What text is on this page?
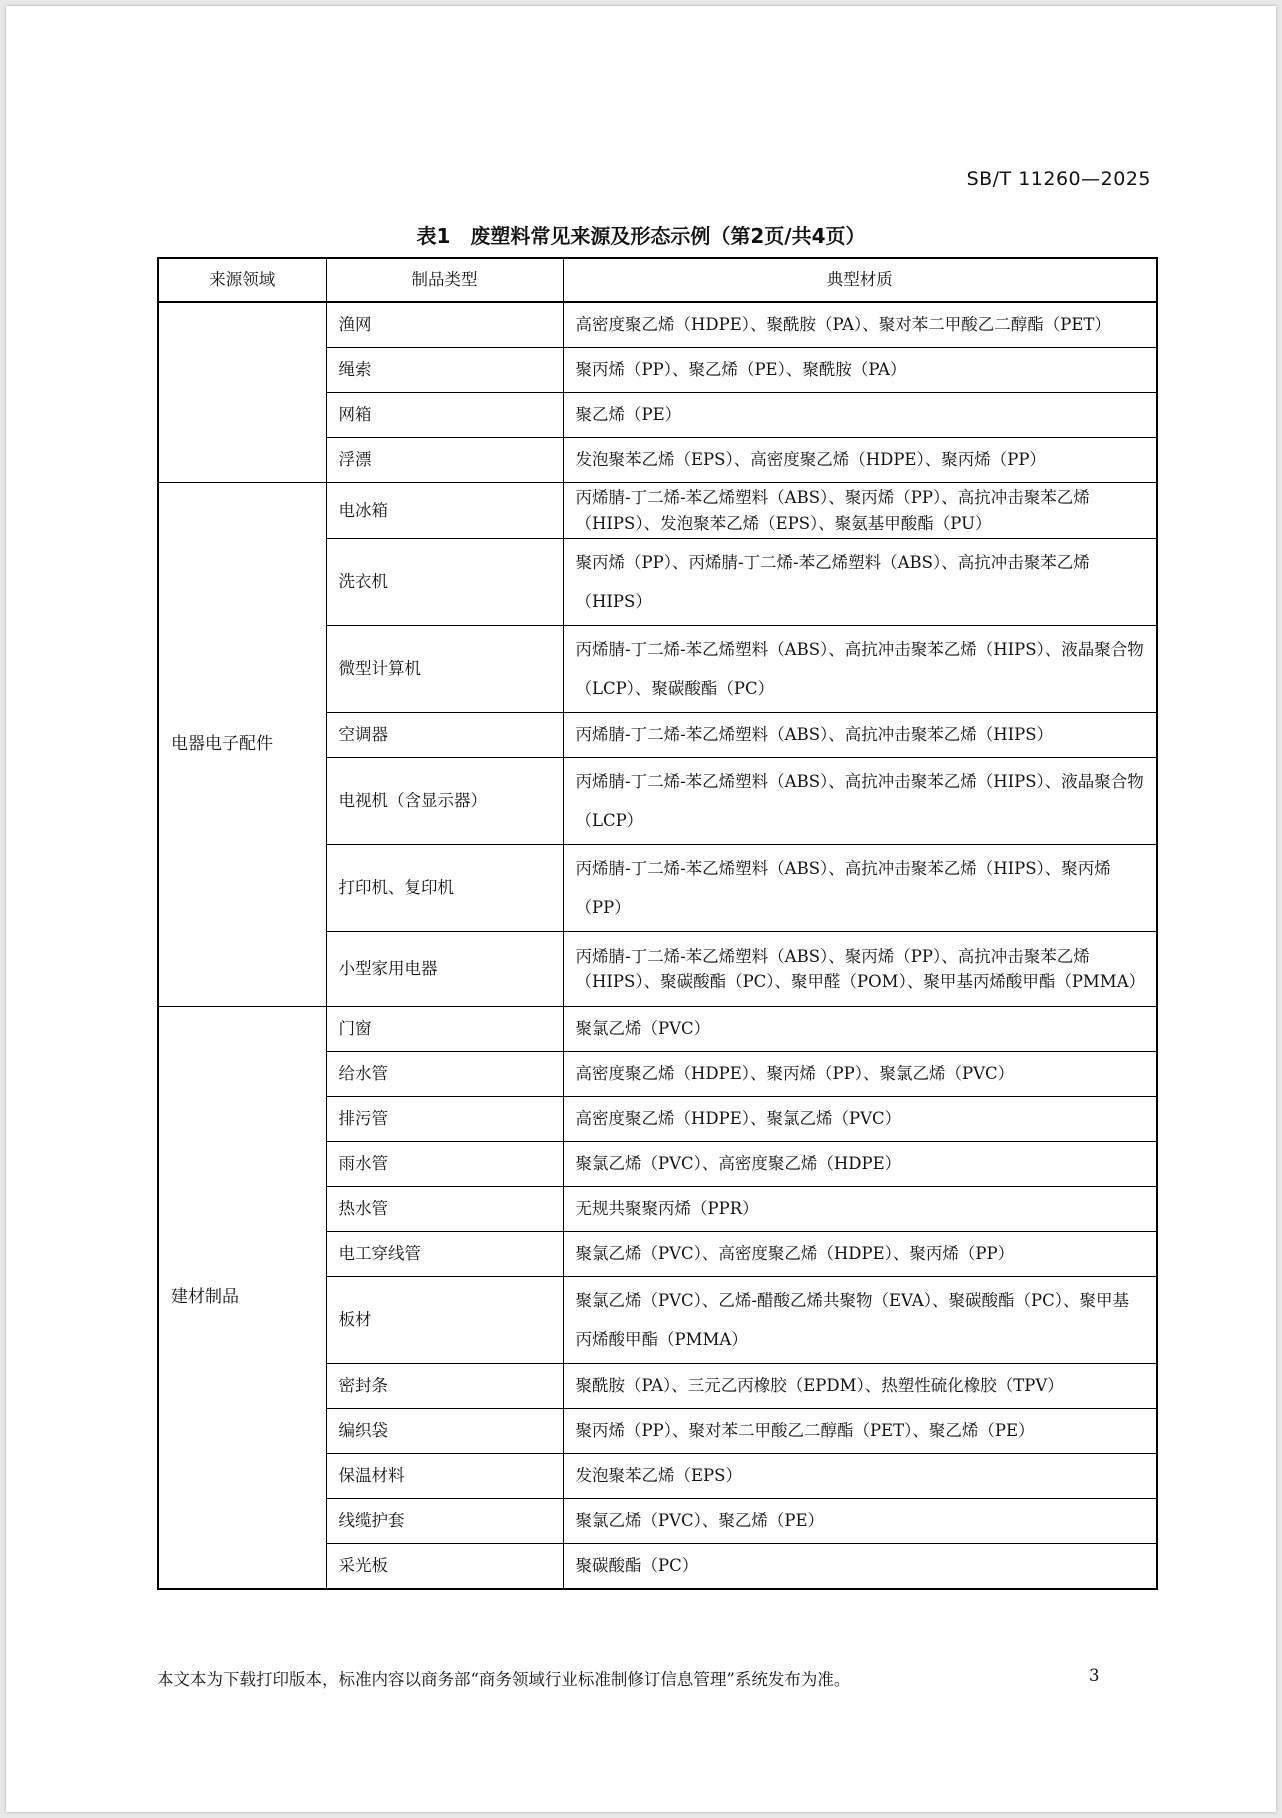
SB/T 11260—2025
表1　废塑料常见来源及形态示例（第2页/共4页）
来源领域	制品类型	典型材质
	渔网	高密度聚乙烯（HDPE）、聚酰胺（PA）、聚对苯二甲酸乙二醇酯（PET）
	绳索	聚丙烯（PP）、聚乙烯（PE）、聚酰胺（PA）
	网箱	聚乙烯（PE）
	浮漂	发泡聚苯乙烯（EPS）、高密度聚乙烯（HDPE）、聚丙烯（PP）
电器电子配件	电冰箱	丙烯腈-丁二烯-苯乙烯塑料（ABS）、聚丙烯（PP）、高抗冲击聚苯乙烯（HIPS）、发泡聚苯乙烯（EPS）、聚氨基甲酸酯（PU）
	洗衣机	聚丙烯（PP）、丙烯腈-丁二烯-苯乙烯塑料（ABS）、高抗冲击聚苯乙烯（HIPS）
	微型计算机	丙烯腈-丁二烯-苯乙烯塑料（ABS）、高抗冲击聚苯乙烯（HIPS）、液晶聚合物（LCP）、聚碳酸酯（PC）
	空调器	丙烯腈-丁二烯-苯乙烯塑料（ABS）、高抗冲击聚苯乙烯（HIPS）
	电视机（含显示器）	丙烯腈-丁二烯-苯乙烯塑料（ABS）、高抗冲击聚苯乙烯（HIPS）、液晶聚合物（LCP）
	打印机、复印机	丙烯腈-丁二烯-苯乙烯塑料（ABS）、高抗冲击聚苯乙烯（HIPS）、聚丙烯（PP）
	小型家用电器	丙烯腈-丁二烯-苯乙烯塑料（ABS）、聚丙烯（PP）、高抗冲击聚苯乙烯（HIPS）、聚碳酸酯（PC）、聚甲醛（POM）、聚甲基丙烯酸甲酯（PMMA）
建材制品	门窗	聚氯乙烯（PVC）
	给水管	高密度聚乙烯（HDPE）、聚丙烯（PP）、聚氯乙烯（PVC）
	排污管	高密度聚乙烯（HDPE）、聚氯乙烯（PVC）
	雨水管	聚氯乙烯（PVC）、高密度聚乙烯（HDPE）
	热水管	无规共聚聚丙烯（PPR）
	电工穿线管	聚氯乙烯（PVC）、高密度聚乙烯（HDPE）、聚丙烯（PP）
	板材	聚氯乙烯（PVC）、乙烯-醋酸乙烯共聚物（EVA）、聚碳酸酯（PC）、聚甲基丙烯酸甲酯（PMMA）
	密封条	聚酰胺（PA）、三元乙丙橡胶（EPDM）、热塑性硫化橡胶（TPV）
	编织袋	聚丙烯（PP）、聚对苯二甲酸乙二醇酯（PET）、聚乙烯（PE）
	保温材料	发泡聚苯乙烯（EPS）
	线缆护套	聚氯乙烯（PVC）、聚乙烯（PE）
	采光板	聚碳酸酯（PC）
本文本为下载打印版本，标准内容以商务部“商务领域行业标准制修订信息管理”系统发布为准。	3
